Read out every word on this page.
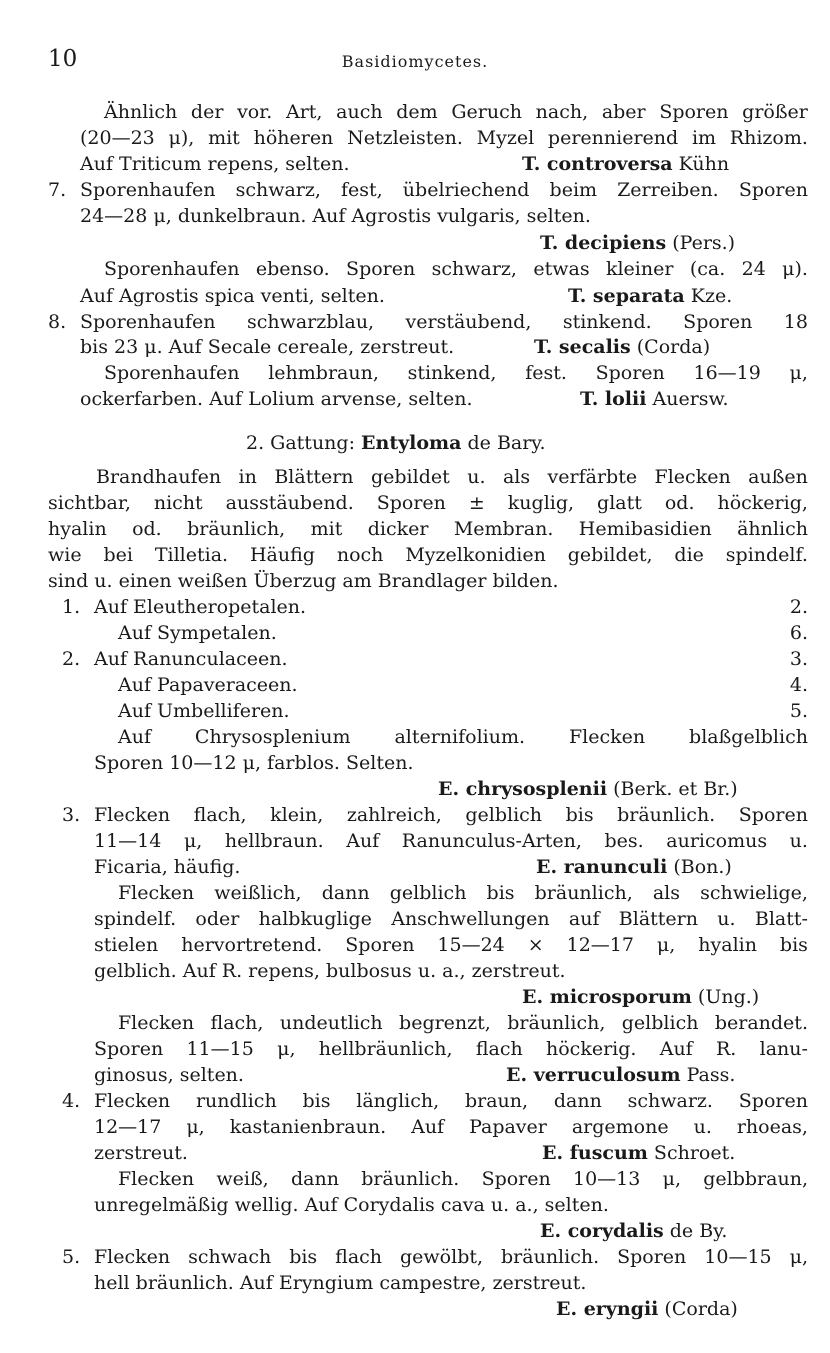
10	Basidiomycetes.
Ähnlich der vor. Art, auch dem Geruch nach, aber Sporen größer
(20—23 μ), mit höheren Netzleisten. Myzel perennierend im Rhizom.
Auf Triticum repens, selten.	T. controversa Kühn
7. Sporenhaufen schwarz, fest, übelriechend beim Zerreiben. Sporen
24—28 μ, dunkelbraun. Auf Agrostis vulgaris, selten.
T. decipiens (Pers.)
Sporenhaufen ebenso. Sporen schwarz, etwas kleiner (ca. 24 μ).
Auf Agrostis spica venti, selten.	T. separata Kze.
8. Sporenhaufen schwarzblau, verstäubend, stinkend. Sporen 18
bis 23 μ. Auf Secale cereale, zerstreut.	T. secalis (Corda)
Sporenhaufen lehmbraun, stinkend, fest. Sporen 16—19 μ,
ockerfarben. Auf Lolium arvense, selten.	T. lolii Auersw.
2. Gattung: Entyloma de Bary.
Brandhaufen in Blättern gebildet u. als verfärbte Flecken außen
sichtbar, nicht ausstäubend. Sporen ± kuglig, glatt od. höckerig,
hyalin od. bräunlich, mit dicker Membran. Hemibasidien ähnlich
wie bei Tilletia. Häufig noch Myzelkonidien gebildet, die spindelf.
sind u. einen weißen Überzug am Brandlager bilden.
1. Auf Eleutheropetalen.	2.
Auf Sympetalen.	6.
2. Auf Ranunculaceen.	3.
Auf Papaveraceen.	4.
Auf Umbelliferen.	5.
Auf Chrysosplenium alternifolium. Flecken blaßgelblich
Sporen 10—12 μ, farblos. Selten.
E. chrysosplenii (Berk. et Br.)
3. Flecken flach, klein, zahlreich, gelblich bis bräunlich. Sporen
11—14 μ, hellbraun. Auf Ranunculus-Arten, bes. auricomus u.
Ficaria, häufig.	E. ranunculi (Bon.)
Flecken weißlich, dann gelblich bis bräunlich, als schwielige,
spindelf. oder halbkuglige Anschwellungen auf Blättern u. Blatt-
stielen hervortretend. Sporen 15—24 × 12—17 μ, hyalin bis
gelblich. Auf R. repens, bulbosus u. a., zerstreut.
E. microsporum (Ung.)
Flecken flach, undeutlich begrenzt, bräunlich, gelblich berandet.
Sporen 11—15 μ, hellbräunlich, flach höckerig. Auf R. lanu-
ginosus, selten.	E. verruculosum Pass.
4. Flecken rundlich bis länglich, braun, dann schwarz. Sporen
12—17 μ, kastanienbraun. Auf Papaver argemone u. rhoeas,
zerstreut.	E. fuscum Schroet.
Flecken weiß, dann bräunlich. Sporen 10—13 μ, gelbbraun,
unregelmäßig wellig. Auf Corydalis cava u. a., selten.
E. corydalis de By.
5. Flecken schwach bis flach gewölbt, bräunlich. Sporen 10—15 μ,
hell bräunlich. Auf Eryngium campestre, zerstreut.
E. eryngii (Corda)
